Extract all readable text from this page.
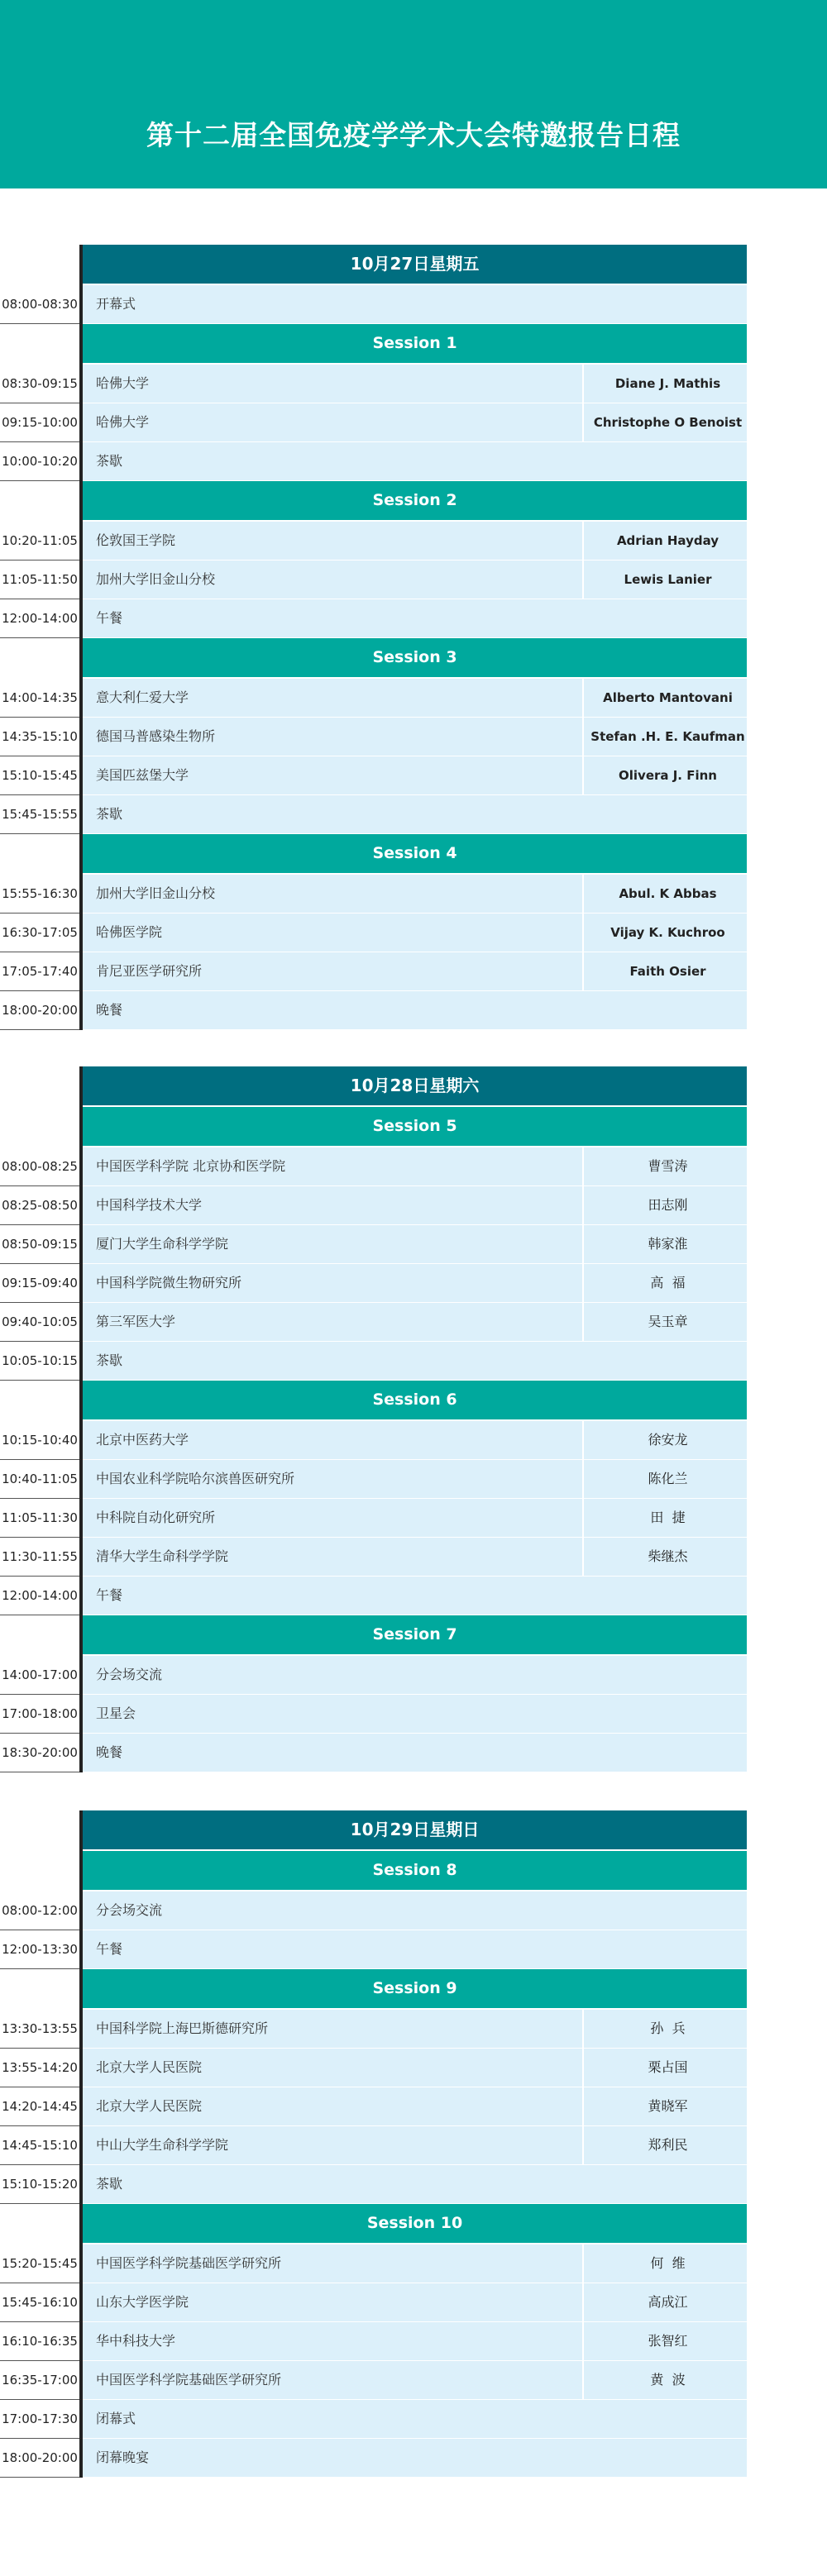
第十二届全国免疫学学术大会特邀报告日程
10月27日星期五
08:00-08:30 开幕式
Session 1
08:30-09:15 哈佛大学	Diane J. Mathis
09:15-10:00 哈佛大学	Christophe O Benoist
10:00-10:20 茶歇
Session 2
10:20-11:05 伦敦国王学院	Adrian Hayday
11:05-11:50 加州大学旧金山分校	Lewis Lanier
12:00-14:00 午餐
Session 3
14:00-14:35 意大利仁爱大学	Alberto Mantovani
14:35-15:10 德国马普感染生物所	Stefan .H. E. Kaufman
15:10-15:45 美国匹兹堡大学	Olivera J. Finn
15:45-15:55 茶歇
Session 4
15:55-16:30 加州大学旧金山分校	Abul. K Abbas
16:30-17:05 哈佛医学院	Vijay K. Kuchroo
17:05-17:40 肯尼亚医学研究所	Faith Osier
18:00-20:00 晚餐
10月28日星期六
Session 5
08:00-08:25 中国医学科学院 北京协和医学院	曹雪涛
08:25-08:50 中国科学技术大学	田志刚
08:50-09:15 厦门大学生命科学学院	韩家淮
09:15-09:40 中国科学院微生物研究所	高  福
09:40-10:05 第三军医大学	吴玉章
10:05-10:15 茶歇
Session 6
10:15-10:40 北京中医药大学	徐安龙
10:40-11:05 中国农业科学院哈尔滨兽医研究所	陈化兰
11:05-11:30 中科院自动化研究所	田  捷
11:30-11:55 清华大学生命科学学院	柴继杰
12:00-14:00 午餐
Session 7
14:00-17:00 分会场交流
17:00-18:00 卫星会
18:30-20:00 晚餐
10月29日星期日
Session 8
08:00-12:00 分会场交流
12:00-13:30 午餐
Session 9
13:30-13:55 中国科学院上海巴斯德研究所	孙  兵
13:55-14:20 北京大学人民医院	栗占国
14:20-14:45 北京大学人民医院	黄晓军
14:45-15:10 中山大学生命科学学院	郑利民
15:10-15:20 茶歇
Session 10
15:20-15:45 中国医学科学院基础医学研究所	何  维
15:45-16:10 山东大学医学院	高成江
16:10-16:35 华中科技大学	张智红
16:35-17:00 中国医学科学院基础医学研究所	黄  波
17:00-17:30 闭幕式
18:00-20:00 闭幕晚宴
